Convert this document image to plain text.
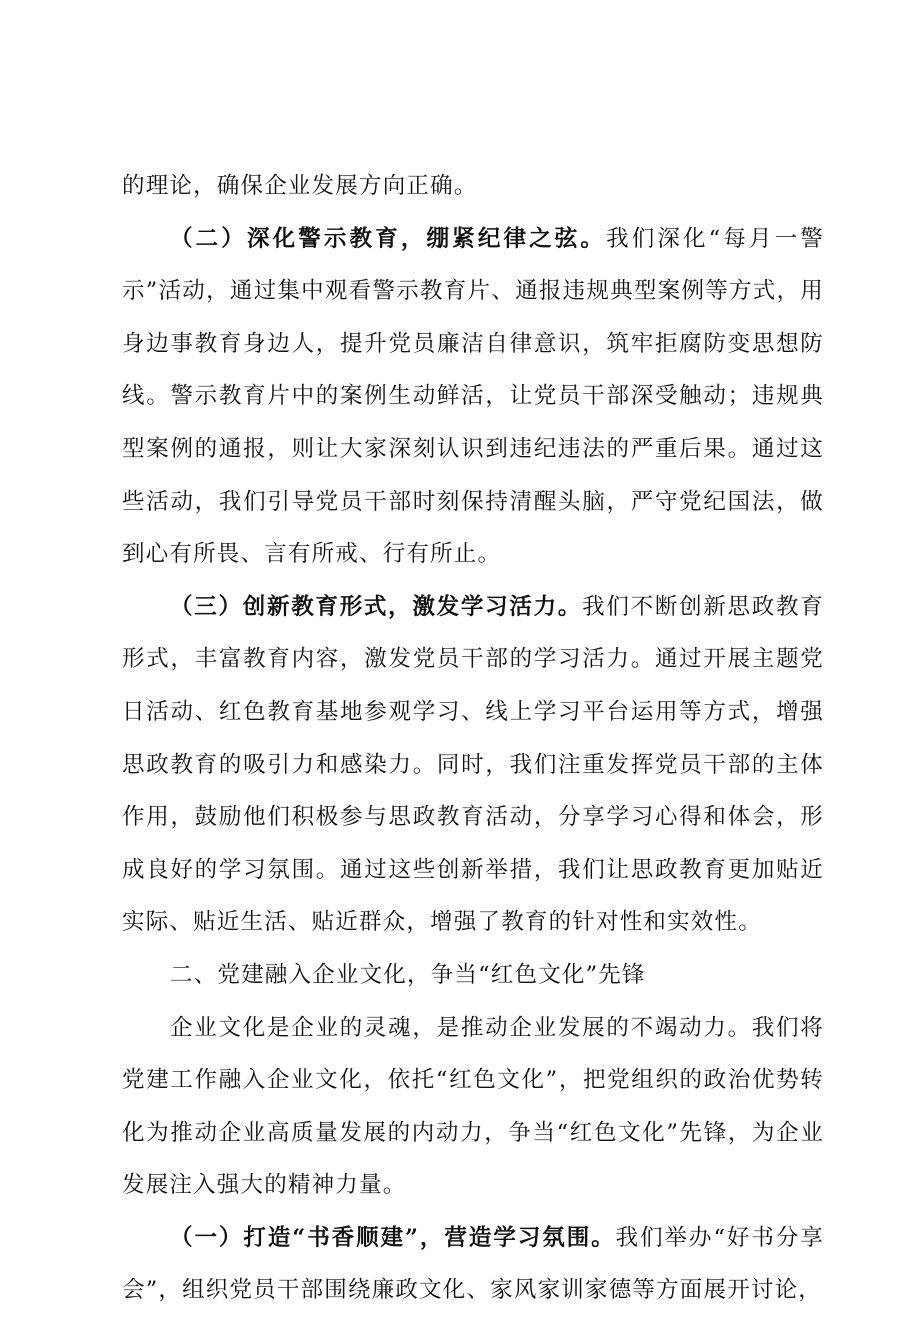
的理论，确保企业发展方向正确。

（二）深化警示教育，绷紧纪律之弦。我们深化“每月一警示”活动，通过集中观看警示教育片、通报违规典型案例等方式，用身边事教育身边人，提升党员廉洁自律意识，筑牢拒腐防变思想防线。警示教育片中的案例生动鲜活，让党员干部深受触动；违规典型案例的通报，则让大家深刻认识到违纪违法的严重后果。通过这些活动，我们引导党员干部时刻保持清醒头脑，严守党纪国法，做到心有所畏、言有所戒、行有所止。

（三）创新教育形式，激发学习活力。我们不断创新思政教育形式，丰富教育内容，激发党员干部的学习活力。通过开展主题党日活动、红色教育基地参观学习、线上学习平台运用等方式，增强思政教育的吸引力和感染力。同时，我们注重发挥党员干部的主体作用，鼓励他们积极参与思政教育活动，分享学习心得和体会，形成良好的学习氛围。通过这些创新举措，我们让思政教育更加贴近实际、贴近生活、贴近群众，增强了教育的针对性和实效性。

二、党建融入企业文化，争当“红色文化”先锋

企业文化是企业的灵魂，是推动企业发展的不竭动力。我们将党建工作融入企业文化，依托“红色文化”，把党组织的政治优势转化为推动企业高质量发展的内动力，争当“红色文化”先锋，为企业发展注入强大的精神力量。

（一）打造“书香顺建”，营造学习氛围。我们举办“好书分享会”，组织党员干部围绕廉政文化、家风家训家德等方面展开讨论，
